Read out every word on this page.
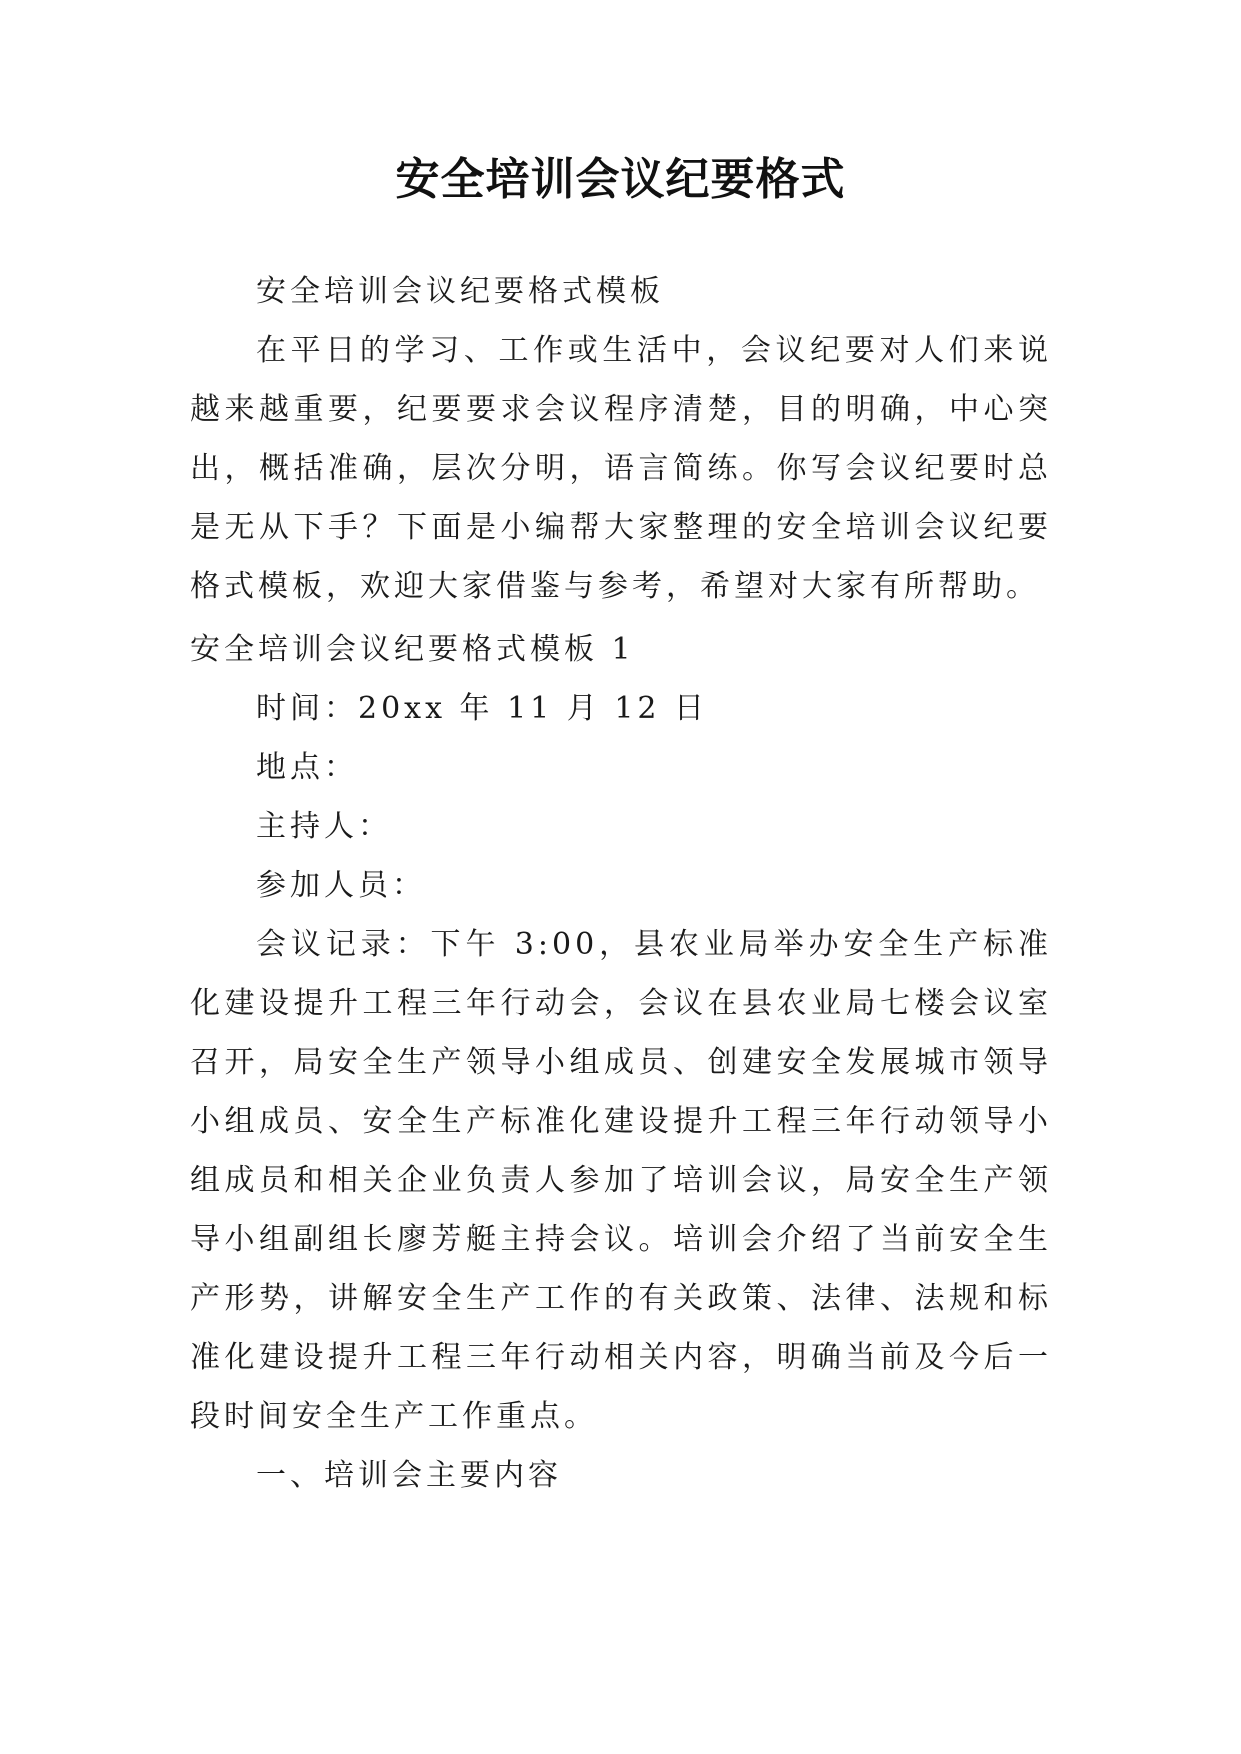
安全培训会议纪要格式

安全培训会议纪要格式模板

在平日的学习、工作或生活中，会议纪要对人们来说越来越重要，纪要要求会议程序清楚，目的明确，中心突出，概括准确，层次分明，语言简练。你写会议纪要时总是无从下手？下面是小编帮大家整理的安全培训会议纪要格式模板，欢迎大家借鉴与参考，希望对大家有所帮助。

安全培训会议纪要格式模板 1

时间：20xx 年 11 月 12 日

地点：

主持人：

参加人员：

会议记录：下午 3:00，县农业局举办安全生产标准化建设提升工程三年行动会，会议在县农业局七楼会议室召开，局安全生产领导小组成员、创建安全发展城市领导小组成员、安全生产标准化建设提升工程三年行动领导小组成员和相关企业负责人参加了培训会议，局安全生产领导小组副组长廖芳艇主持会议。培训会介绍了当前安全生产形势，讲解安全生产工作的有关政策、法律、法规和标准化建设提升工程三年行动相关内容，明确当前及今后一段时间安全生产工作重点。

一、培训会主要内容
